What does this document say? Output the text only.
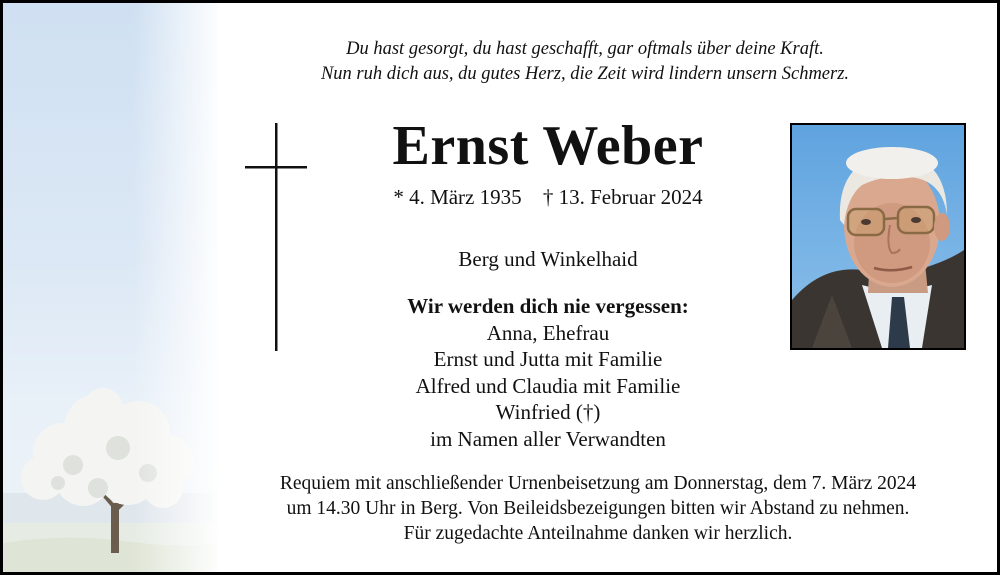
Du hast gesorgt, du hast geschafft, gar oftmals über deine Kraft.
Nun ruh dich aus, du gutes Herz, die Zeit wird lindern unsern Schmerz.
Ernst Weber
* 4. März 1935 † 13. Februar 2024
Berg und Winkelhaid
Wir werden dich nie vergessen:
Anna, Ehefrau
Ernst und Jutta mit Familie
Alfred und Claudia mit Familie
Winfried (†)
im Namen aller Verwandten
Requiem mit anschließender Urnenbeisetzung am Donnerstag, dem 7. März 2024
um 14.30 Uhr in Berg. Von Beileidsbezeigungen bitten wir Abstand zu nehmen.
Für zugedachte Anteilnahme danken wir herzlich.
